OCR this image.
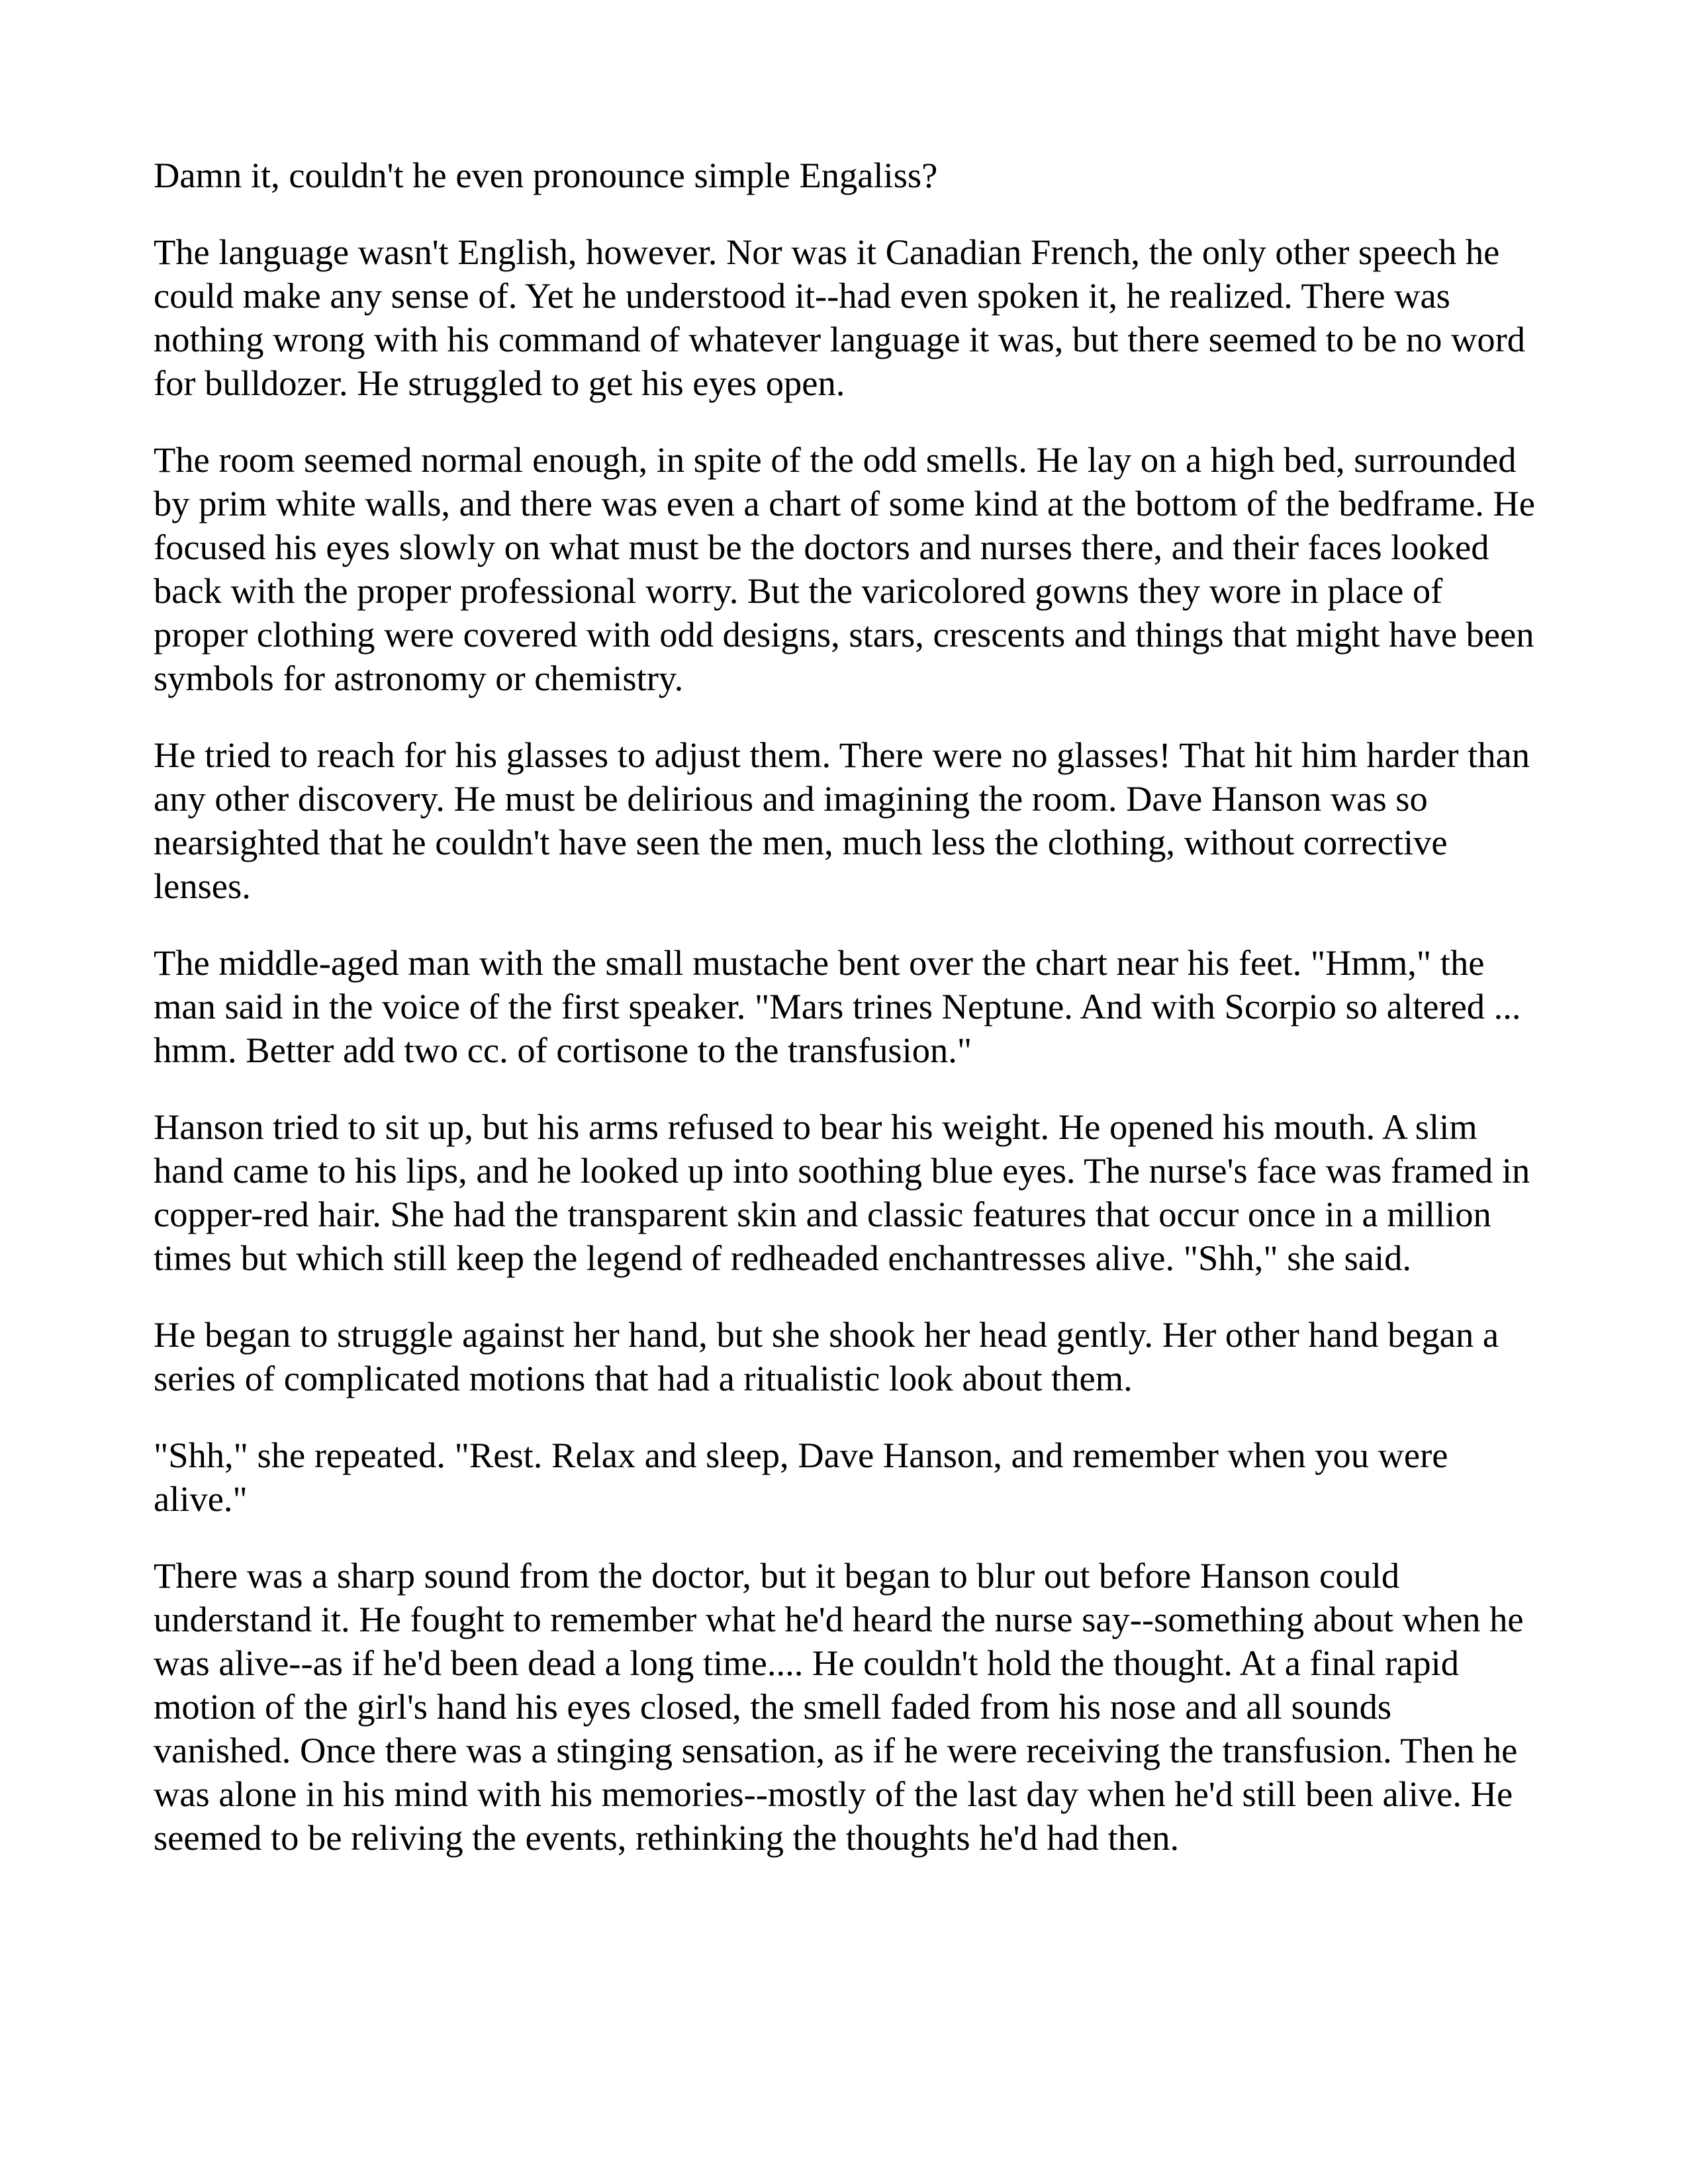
Damn it, couldn't he even pronounce simple Engaliss?

The language wasn't English, however. Nor was it Canadian French, the only other speech he could make any sense of. Yet he understood it--had even spoken it, he realized. There was nothing wrong with his command of whatever language it was, but there seemed to be no word for bulldozer. He struggled to get his eyes open.

The room seemed normal enough, in spite of the odd smells. He lay on a high bed, surrounded by prim white walls, and there was even a chart of some kind at the bottom of the bedframe. He focused his eyes slowly on what must be the doctors and nurses there, and their faces looked back with the proper professional worry. But the varicolored gowns they wore in place of proper clothing were covered with odd designs, stars, crescents and things that might have been symbols for astronomy or chemistry.

He tried to reach for his glasses to adjust them. There were no glasses! That hit him harder than any other discovery. He must be delirious and imagining the room. Dave Hanson was so nearsighted that he couldn't have seen the men, much less the clothing, without corrective lenses.

The middle-aged man with the small mustache bent over the chart near his feet. "Hmm," the man said in the voice of the first speaker. "Mars trines Neptune. And with Scorpio so altered ... hmm. Better add two cc. of cortisone to the transfusion."

Hanson tried to sit up, but his arms refused to bear his weight. He opened his mouth. A slim hand came to his lips, and he looked up into soothing blue eyes. The nurse's face was framed in copper-red hair. She had the transparent skin and classic features that occur once in a million times but which still keep the legend of redheaded enchantresses alive. "Shh," she said.

He began to struggle against her hand, but she shook her head gently. Her other hand began a series of complicated motions that had a ritualistic look about them.

"Shh," she repeated. "Rest. Relax and sleep, Dave Hanson, and remember when you were alive."

There was a sharp sound from the doctor, but it began to blur out before Hanson could understand it. He fought to remember what he'd heard the nurse say--something about when he was alive--as if he'd been dead a long time.... He couldn't hold the thought. At a final rapid motion of the girl's hand his eyes closed, the smell faded from his nose and all sounds vanished. Once there was a stinging sensation, as if he were receiving the transfusion. Then he was alone in his mind with his memories--mostly of the last day when he'd still been alive. He seemed to be reliving the events, rethinking the thoughts he'd had then.
